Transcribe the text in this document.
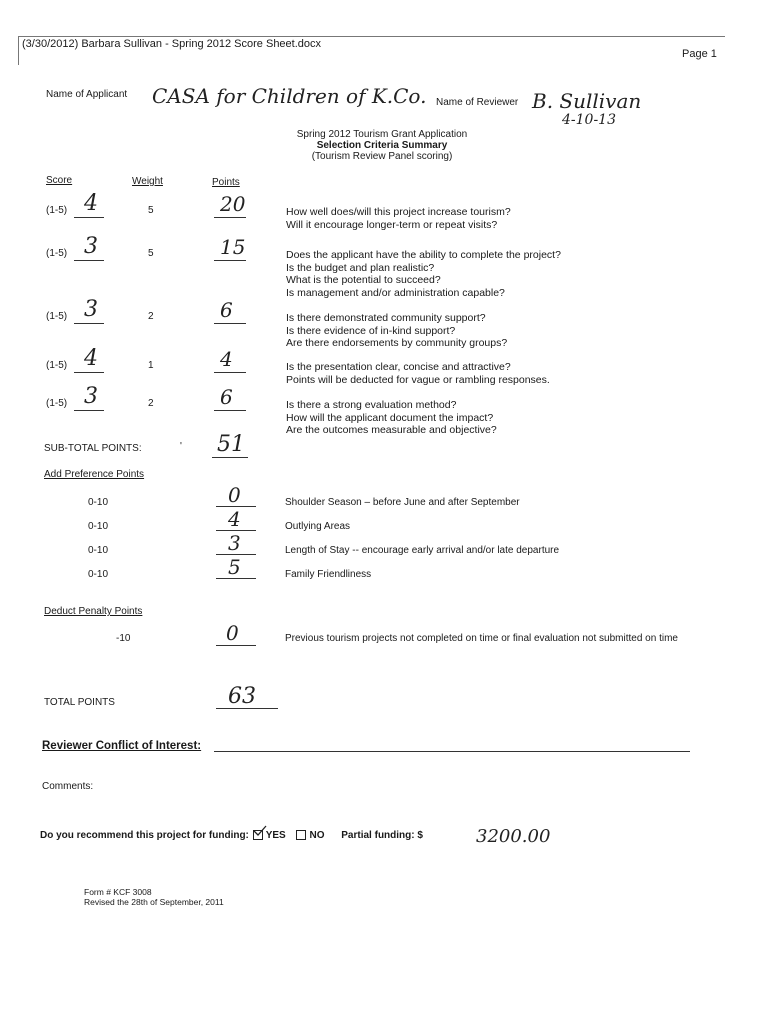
(3/30/2012) Barbara Sullivan - Spring 2012 Score Sheet.docx
Page 1
Name of Applicant CASA for Children of K.Co. Name of Reviewer B. Sullivan
4-10-13
Spring 2012 Tourism Grant Application
Selection Criteria Summary
(Tourism Review Panel scoring)
Score	Weight	Points
(1-5) 4	5	20	How well does/will this project increase tourism?
Will it encourage longer-term or repeat visits?
(1-5) 3	5	15	Does the applicant have the ability to complete the project?
Is the budget and plan realistic?
What is the potential to succeed?
Is management and/or administration capable?
(1-5) 3	2	6	Is there demonstrated community support?
Is there evidence of in-kind support?
Are there endorsements by community groups?
(1-5) 4	1	4	Is the presentation clear, concise and attractive?
Points will be deducted for vague or rambling responses.
(1-5) 3	2	6	Is there a strong evaluation method?
How will the applicant document the impact?
Are the outcomes measurable and objective?
SUB-TOTAL POINTS:	' 51
Add Preference Points
0-10	0	Shoulder Season – before June and after September
0-10	4	Outlying Areas
0-10	3	Length of Stay -- encourage early arrival and/or late departure
0-10	5	Family Friendliness
Deduct Penalty Points
-10	0	Previous tourism projects not completed on time or final evaluation not submitted on time
TOTAL POINTS	63
Reviewer Conflict of Interest:
Comments:
Do you recommend this project for funding: YES NO Partial funding: $	3200.00
Form # KCF 3008
Revised the 28th of September, 2011
